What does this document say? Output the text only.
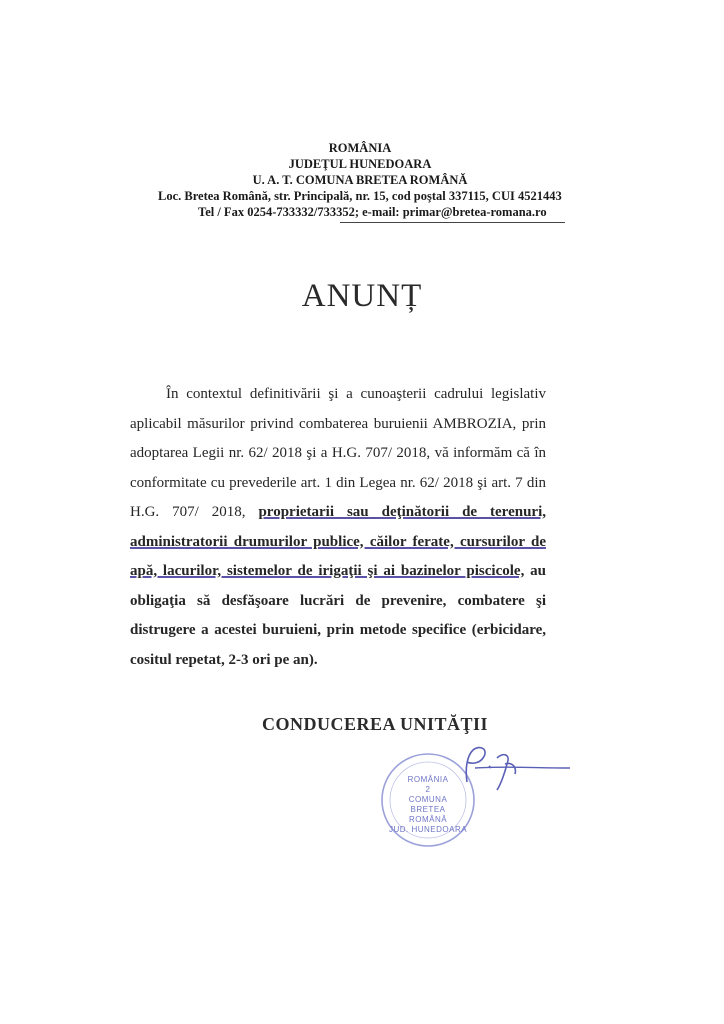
ROMÂNIA
JUDEŢUL HUNEDOARA
U. A. T. COMUNA BRETEA ROMÂNĂ
Loc. Bretea Română, str. Principală, nr. 15, cod poştal 337115, CUI 4521443
Tel / Fax 0254-733332/733352; e-mail: primar@bretea-romana.ro
ANUNȚ

În contextul definitivării şi a cunoaşterii cadrului legislativ aplicabil măsurilor privind combaterea buruienii AMBROZIA, prin adoptarea Legii nr. 62/ 2018 şi a H.G. 707/ 2018, vă informăm că în conformitate cu prevederile art. 1 din Legea nr. 62/ 2018 şi art. 7 din H.G. 707/ 2018, proprietarii sau deţinătorii de terenuri, administratorii drumurilor publice, căilor ferate, cursurilor de apă, lacurilor, sistemelor de irigaţii şi ai bazinelor piscicole, au obligaţia să desfăşoare lucrări de prevenire, combatere şi distrugere a acestei buruieni, prin metode specifice (erbicidare, cositul repetat, 2-3 ori pe an).

CONDUCEREA UNITĂŢII
ROMÂNIA
2
COMUNA
BRETEA
ROMÂNĂ
JUD. HUNEDOARA
